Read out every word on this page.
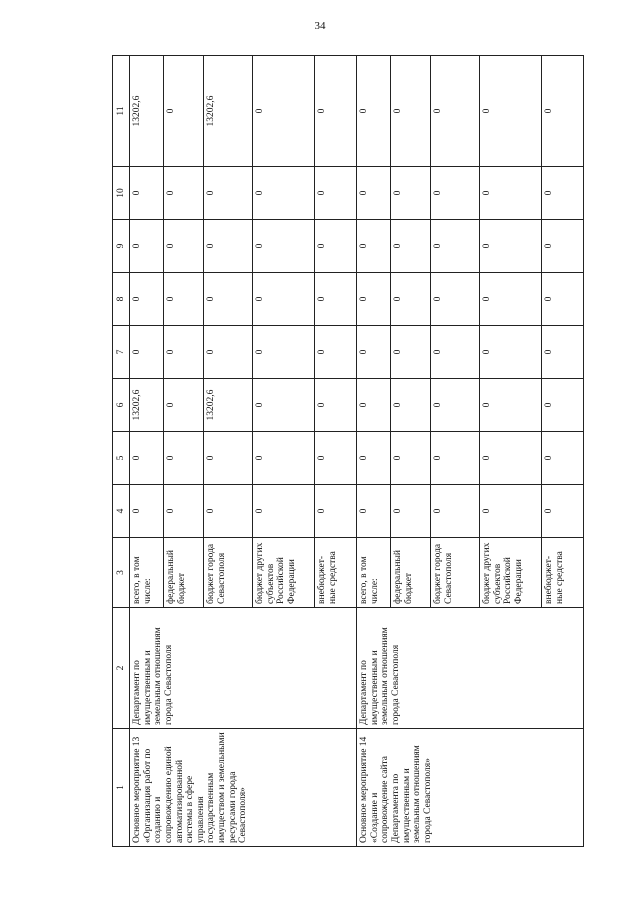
34
1	2	3	4	5	6	7	8	9	10	11
Основное мероприятие 13 «Организация работ по созданию и сопровождению единой автоматизированной системы в сфере управления государственным имуществом и земельными ресурсами города Севастополя»	Департамент по имущественным и земельным отношениям города Севастополя	всего, в том числе:	0	0	13202,6	0	0	0	0	13202,6
		федеральный бюджет	0	0	0	0	0	0	0	0
		бюджет города Севастополя	0	0	13202,6	0	0	0	0	13202,6
		бюджет других субъектов Российской Федерации	0	0	0	0	0	0	0	0
		внебюджет-ные средства	0	0	0	0	0	0	0	0
Основное мероприятие 14 «Создание и сопровождение сайта Департамента по имущественным и земельным отношениям города Севастополя»	Департамент по имущественным и земельным отношениям города Севастополя	всего, в том числе:	0	0	0	0	0	0	0	0
		федеральный бюджет	0	0	0	0	0	0	0	0
		бюджет города Севастополя	0	0	0	0	0	0	0	0
		бюджет других субъектов Российской Федерации	0	0	0	0	0	0	0	0
		внебюджет-ные средства	0	0	0	0	0	0	0	0
